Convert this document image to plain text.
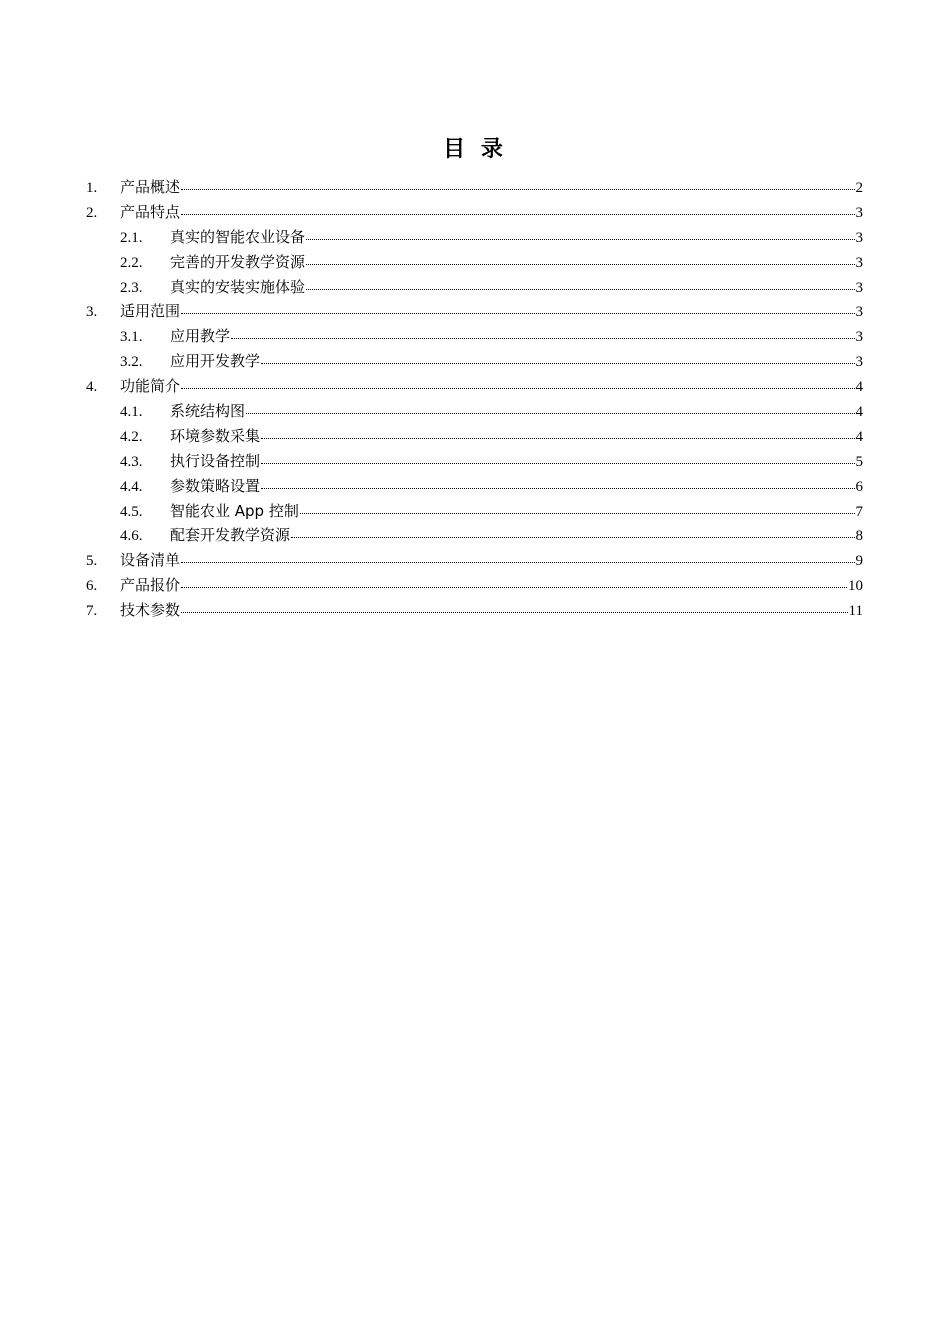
目 录
1.	产品概述	2
2.	产品特点	3
2.1.	真实的智能农业设备	3
2.2.	完善的开发教学资源	3
2.3.	真实的安装实施体验	3
3.	适用范围	3
3.1.	应用教学	3
3.2.	应用开发教学	3
4.	功能简介	4
4.1.	系统结构图	4
4.2.	环境参数采集	4
4.3.	执行设备控制	5
4.4.	参数策略设置	6
4.5.	智能农业 App 控制	7
4.6.	配套开发教学资源	8
5.	设备清单	9
6.	产品报价	10
7.	技术参数	11
